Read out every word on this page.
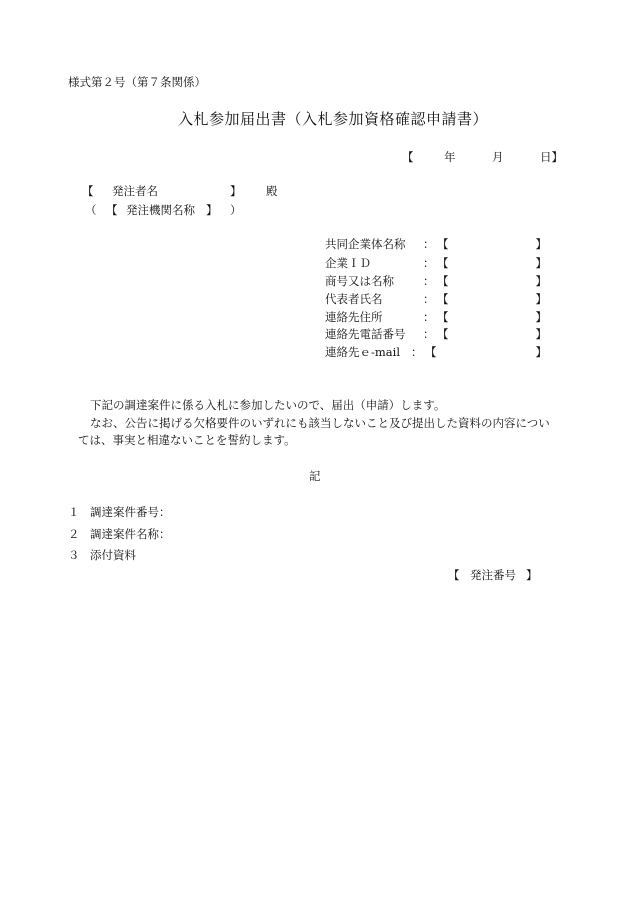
様式第２号（第７条関係）
入札参加届出書（入札参加資格確認申請書）
【	年	月	日】
【 発注者名	】 殿
（ 【 発注機関名称 】 ）
共同企業体名称 ： 【	】
企業ＩＤ	： 【	】
商号又は名称	： 【	】
代表者氏名	： 【	】
連絡先住所	： 【	】
連絡先電話番号 ： 【	】
連絡先ｅ-mail ： 【	】
下記の調達案件に係る入札に参加したいので、届出（申請）します。
なお、公告に掲げる欠格要件のいずれにも該当しないこと及び提出した資料の内容につい
ては、事実と相違ないことを誓約します。
記
１ 調達案件番号：
２ 調達案件名称：
３ 添付資料
【 発注番号 】
